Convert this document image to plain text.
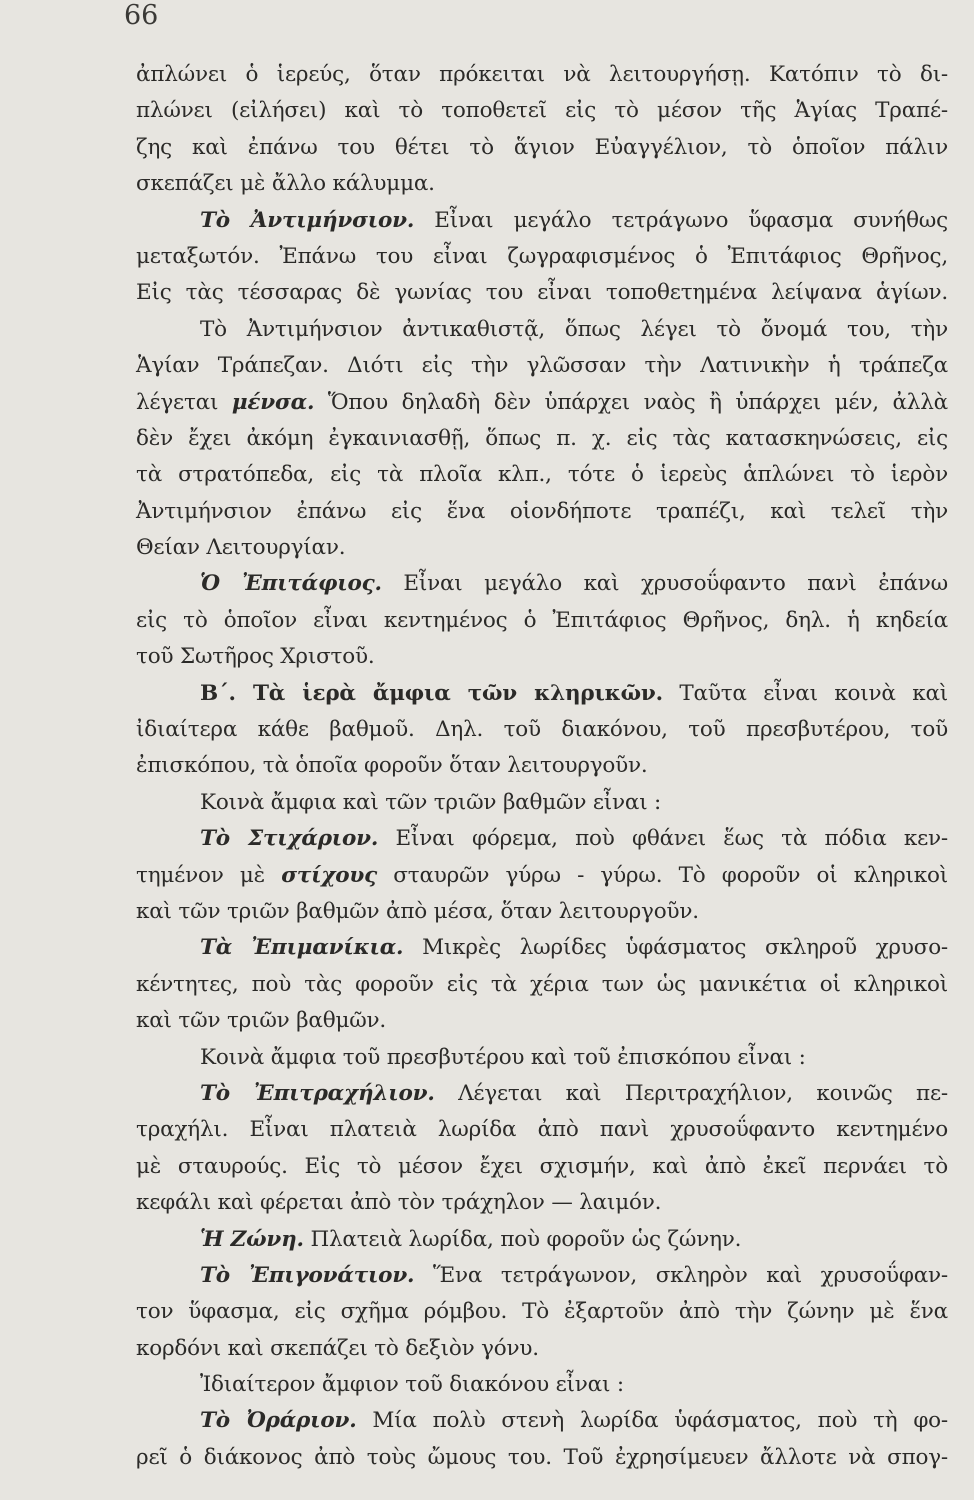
66
ἀπλώνει ὁ ἱερεύς, ὅταν πρόκειται νὰ λειτουργήσῃ. Κατόπιν τὸ δι-
πλώνει (εἰλήσει) καὶ τὸ τοποθετεῖ εἰς τὸ μέσον τῆς Ἁγίας Τραπέ-
ζης καὶ ἐπάνω του θέτει τὸ ἅγιον Εὐαγγέλιον, τὸ ὁποῖον πάλιν
σκεπάζει μὲ ἄλλο κάλυμμα.
Τὸ Ἀντιμήνσιον. Εἶναι μεγάλο τετράγωνο ὕφασμα συνήθως
μεταξωτόν. Ἐπάνω του εἶναι ζωγραφισμένος ὁ Ἐπιτάφιος Θρῆνος,
Εἰς τὰς τέσσαρας δὲ γωνίας του εἶναι τοποθετημένα λείψανα ἁγίων.
Τὸ Ἀντιμήνσιον ἀντικαθιστᾷ, ὅπως λέγει τὸ ὄνομά του, τὴν
Ἁγίαν Τράπεζαν. Διότι εἰς τὴν γλῶσσαν τὴν Λατινικὴν ἡ τράπεζα
λέγεται μένσα. Ὅπου δηλαδὴ δὲν ὑπάρχει ναὸς ἢ ὑπάρχει μέν, ἀλλὰ
δὲν ἔχει ἀκόμη ἐγκαινιασθῇ, ὅπως π. χ. εἰς τὰς κατασκηνώσεις, εἰς
τὰ στρατόπεδα, εἰς τὰ πλοῖα κλπ., τότε ὁ ἱερεὺς ἁπλώνει τὸ ἱερὸν
Ἀντιμήνσιον ἐπάνω εἰς ἕνα οἱονδήποτε τραπέζι, καὶ τελεῖ τὴν
Θείαν Λειτουργίαν.
Ὁ Ἐπιτάφιος. Εἶναι μεγάλο καὶ χρυσοΰφαντο πανὶ ἐπάνω
εἰς τὸ ὁποῖον εἶναι κεντημένος ὁ Ἐπιτάφιος Θρῆνος, δηλ. ἡ κηδεία
τοῦ Σωτῆρος Χριστοῦ.
Β΄. Τὰ ἱερὰ ἄμφια τῶν κληρικῶν. Ταῦτα εἶναι κοινὰ καὶ
ἰδιαίτερα κάθε βαθμοῦ. Δηλ. τοῦ διακόνου, τοῦ πρεσβυτέρου, τοῦ
ἐπισκόπου, τὰ ὁποῖα φοροῦν ὅταν λειτουργοῦν.
Κοινὰ ἄμφια καὶ τῶν τριῶν βαθμῶν εἶναι :
Τὸ Στιχάριον. Εἶναι φόρεμα, ποὺ φθάνει ἕως τὰ πόδια κεν-
τημένον μὲ στίχους σταυρῶν γύρω - γύρω. Τὸ φοροῦν οἱ κληρικοὶ
καὶ τῶν τριῶν βαθμῶν ἀπὸ μέσα, ὅταν λειτουργοῦν.
Τὰ Ἐπιμανίκια. Μικρὲς λωρίδες ὑφάσματος σκληροῦ χρυσο-
κέντητες, ποὺ τὰς φοροῦν εἰς τὰ χέρια των ὡς μανικέτια οἱ κληρικοὶ
καὶ τῶν τριῶν βαθμῶν.
Κοινὰ ἄμφια τοῦ πρεσβυτέρου καὶ τοῦ ἐπισκόπου εἶναι :
Τὸ Ἐπιτραχήλιον. Λέγεται καὶ Περιτραχήλιον, κοινῶς πε-
τραχήλι. Εἶναι πλατειὰ λωρίδα ἀπὸ πανὶ χρυσοΰφαντο κεντημένο
μὲ σταυρούς. Εἰς τὸ μέσον ἔχει σχισμήν, καὶ ἀπὸ ἐκεῖ περνάει τὸ
κεφάλι καὶ φέρεται ἀπὸ τὸν τράχηλον — λαιμόν.
Ἡ Ζώνη. Πλατειὰ λωρίδα, ποὺ φοροῦν ὡς ζώνην.
Τὸ Ἐπιγονάτιον. Ἕνα τετράγωνον, σκληρὸν καὶ χρυσοΰφαν-
τον ὕφασμα, εἰς σχῆμα ρόμβου. Τὸ ἐξαρτοῦν ἀπὸ τὴν ζώνην μὲ ἕνα
κορδόνι καὶ σκεπάζει τὸ δεξιὸν γόνυ.
Ἰδιαίτερον ἄμφιον τοῦ διακόνου εἶναι :
Τὸ Ὀράριον. Μία πολὺ στενὴ λωρίδα ὑφάσματος, ποὺ τὴ φο-
ρεῖ ὁ διάκονος ἀπὸ τοὺς ὤμους του. Τοῦ ἐχρησίμευεν ἄλλοτε νὰ σπογ-
